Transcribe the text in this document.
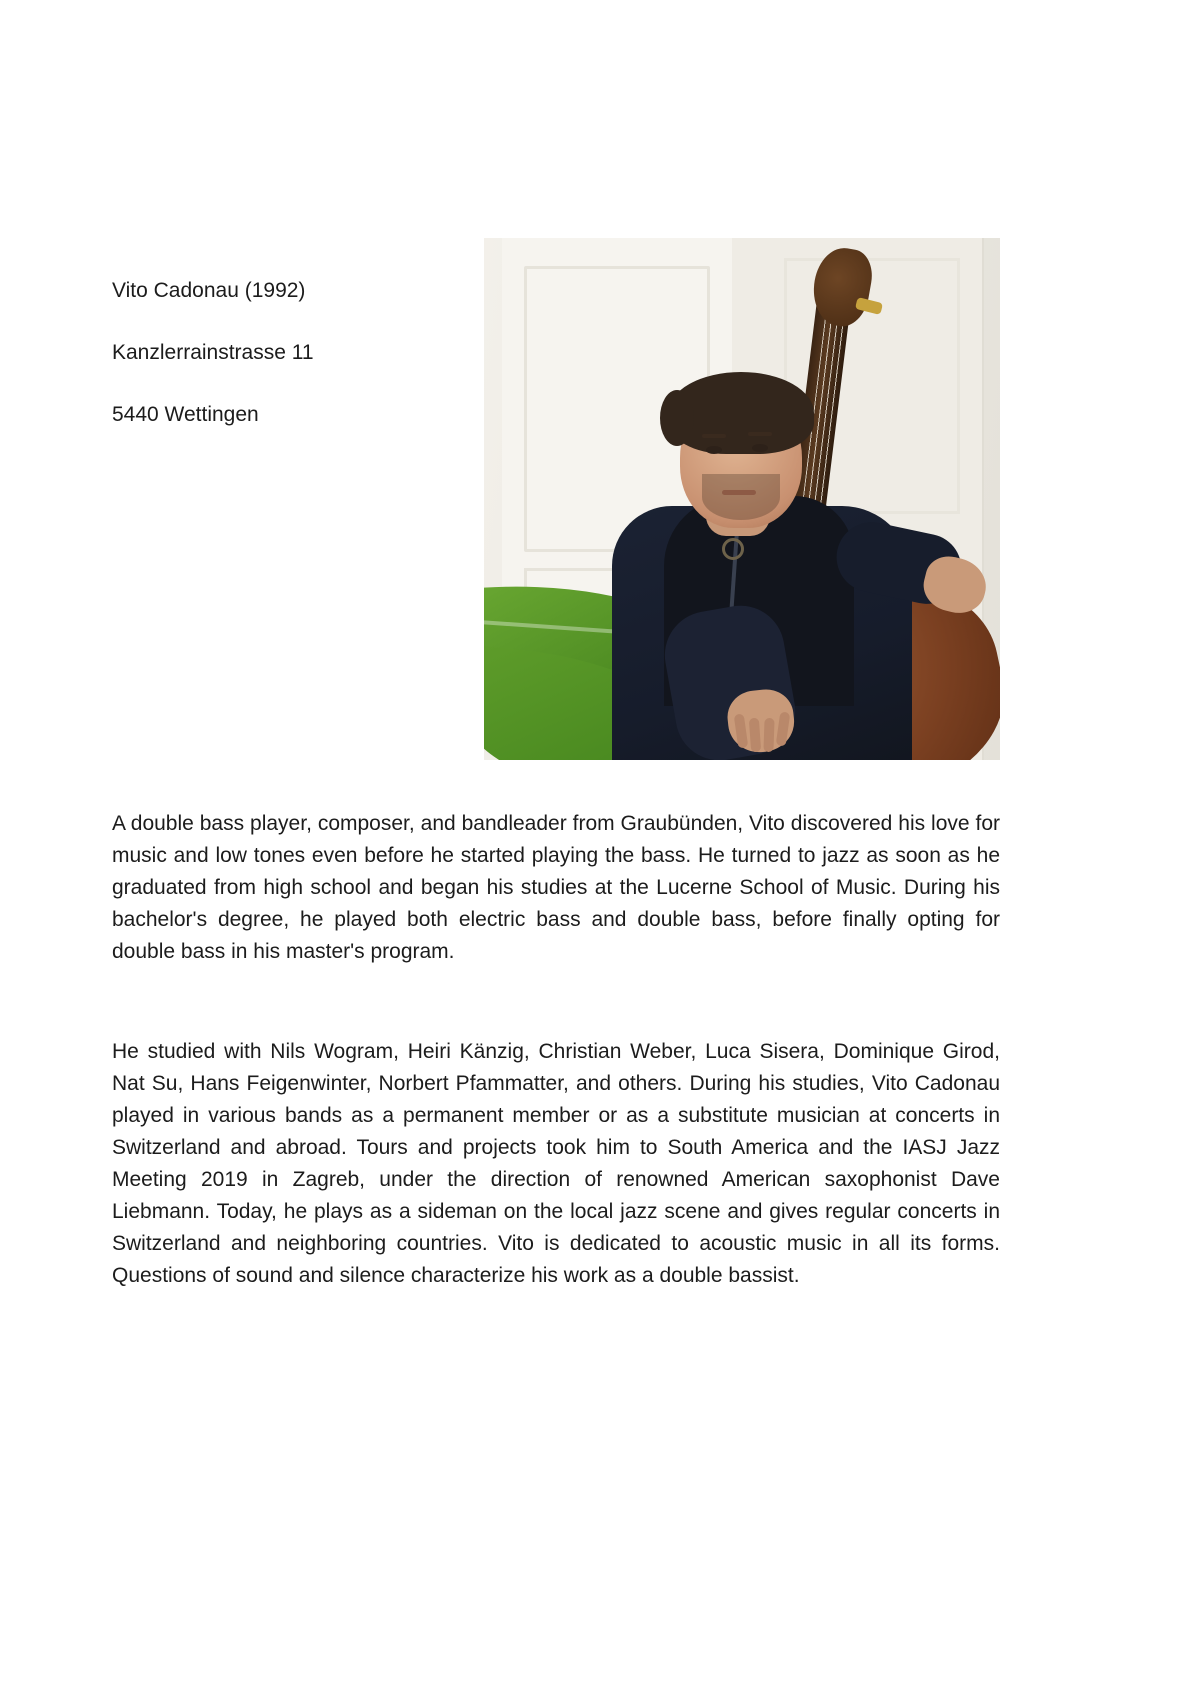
Vito Cadonau (1992)

Kanzlerrainstrasse 11

5440 Wettingen

A double bass player, composer, and bandleader from Graubünden, Vito discovered his love for music and low tones even before he started playing the bass. He turned to jazz as soon as he graduated from high school and began his studies at the Lucerne School of Music. During his bachelor's degree, he played both electric bass and double bass, before finally opting for double bass in his master's program.

He studied with Nils Wogram, Heiri Känzig, Christian Weber, Luca Sisera, Dominique Girod, Nat Su, Hans Feigenwinter, Norbert Pfammatter, and others. During his studies, Vito Cadonau played in various bands as a permanent member or as a substitute musician at concerts in Switzerland and abroad. Tours and projects took him to South America and the IASJ Jazz Meeting 2019 in Zagreb, under the direction of renowned American saxophonist Dave Liebmann. Today, he plays as a sideman on the local jazz scene and gives regular concerts in Switzerland and neighboring countries. Vito is dedicated to acoustic music in all its forms. Questions of sound and silence characterize his work as a double bassist.
